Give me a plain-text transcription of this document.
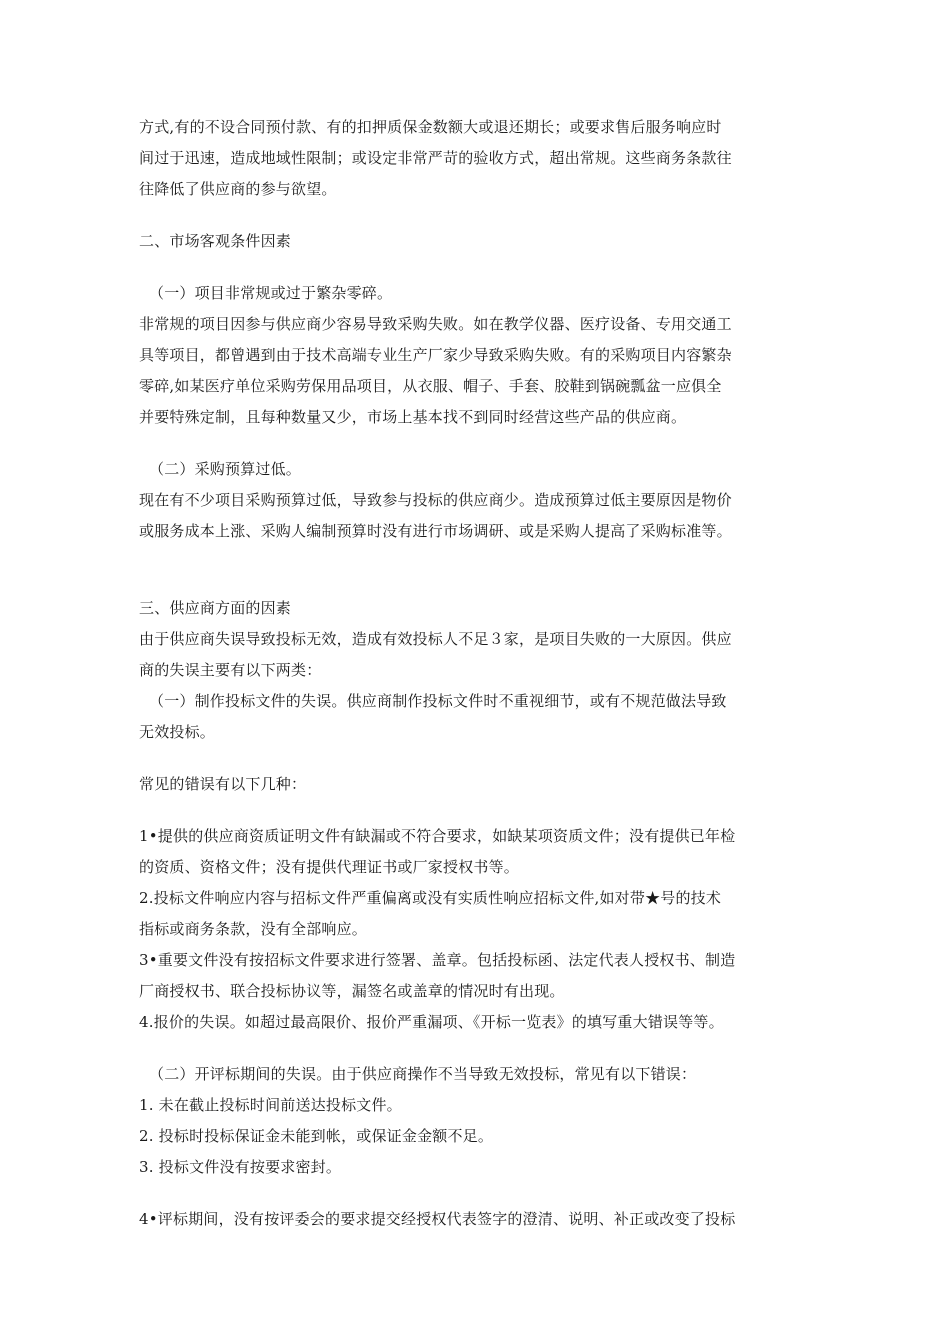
方式,有的不设合同预付款、有的扣押质保金数额大或退还期长；或要求售后服务响应时
间过于迅速，造成地域性限制；或设定非常严苛的验收方式，超出常规。这些商务条款往
往降低了供应商的参与欲望。
二、市场客观条件因素
（一）项目非常规或过于繁杂零碎。
非常规的项目因参与供应商少容易导致采购失败。如在教学仪器、医疗设备、专用交通工
具等项目，都曾遇到由于技术高端专业生产厂家少导致采购失败。有的采购项目内容繁杂
零碎,如某医疗单位采购劳保用品项目，从衣服、帽子、手套、胶鞋到锅碗瓢盆一应俱全
并要特殊定制，且每种数量又少，市场上基本找不到同时经营这些产品的供应商。
（二）采购预算过低。
现在有不少项目采购预算过低，导致参与投标的供应商少。造成预算过低主要原因是物价
或服务成本上涨、采购人编制预算时没有进行市场调研、或是采购人提高了采购标准等。
三、供应商方面的因素
由于供应商失误导致投标无效，造成有效投标人不足３家，是项目失败的一大原因。供应
商的失误主要有以下两类：
（一）制作投标文件的失误。供应商制作投标文件时不重视细节，或有不规范做法导致
无效投标。
常见的错误有以下几种：
1•提供的供应商资质证明文件有缺漏或不符合要求，如缺某项资质文件；没有提供已年检
的资质、资格文件；没有提供代理证书或厂家授权书等。
2.投标文件响应内容与招标文件严重偏离或没有实质性响应招标文件,如对带★号的技术
指标或商务条款，没有全部响应。
3•重要文件没有按招标文件要求进行签署、盖章。包括投标函、法定代表人授权书、制造
厂商授权书、联合投标协议等，漏签名或盖章的情况时有出现。
4.报价的失误。如超过最高限价、报价严重漏项、《开标一览表》的填写重大错误等等。
（二）开评标期间的失误。由于供应商操作不当导致无效投标，常见有以下错误：
1. 未在截止投标时间前送达投标文件。
2. 投标时投标保证金未能到帐，或保证金金额不足。
3. 投标文件没有按要求密封。
4•评标期间，没有按评委会的要求提交经授权代表签字的澄清、说明、补正或改变了投标
